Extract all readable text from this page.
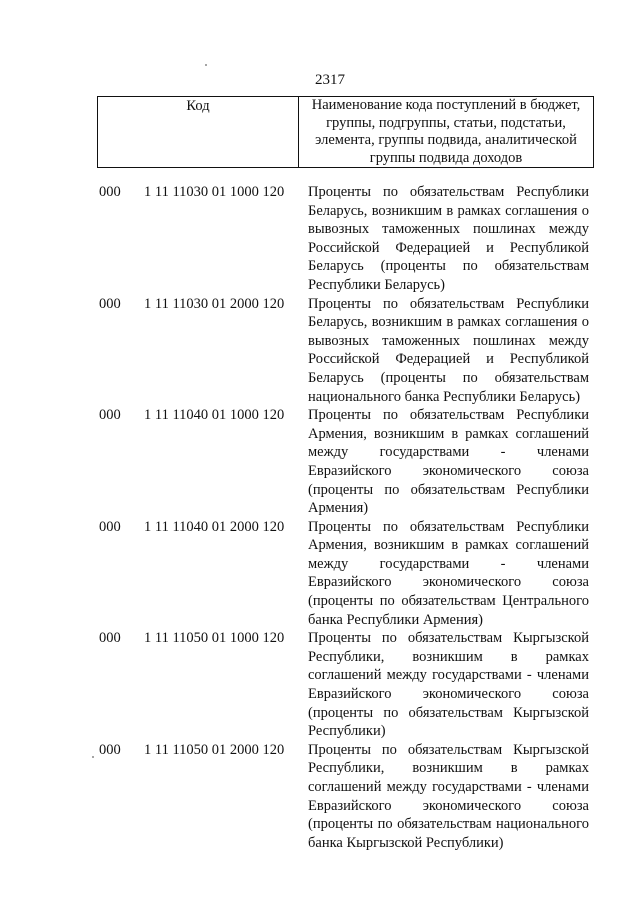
2317
Код	Наименование кода поступлений в бюджет, группы, подгруппы, статьи, подстатьи, элемента, группы подвида, аналитической группы подвида доходов
000	1 11 11030 01 1000 120	Проценты по обязательствам Республики
Беларусь, возникшим в рамках соглашения о
вывозных таможенных пошлинах между
Российской Федерацией и Республикой
Беларусь (проценты по обязательствам
Республики Беларусь)
000	1 11 11030 01 2000 120	Проценты по обязательствам Республики
Беларусь, возникшим в рамках соглашения о
вывозных таможенных пошлинах между
Российской Федерацией и Республикой
Беларусь (проценты по обязательствам
национального банка Республики Беларусь)
000	1 11 11040 01 1000 120	Проценты по обязательствам Республики
Армения, возникшим в рамках соглашений
между государствами - членами
Евразийского экономического союза
(проценты по обязательствам Республики
Армения)
000	1 11 11040 01 2000 120	Проценты по обязательствам Республики
Армения, возникшим в рамках соглашений
между государствами - членами
Евразийского экономического союза
(проценты по обязательствам Центрального
банка Республики Армения)
000	1 11 11050 01 1000 120	Проценты по обязательствам Кыргызской
Республики, возникшим в рамках
соглашений между государствами - членами
Евразийского экономического союза
(проценты по обязательствам Кыргызской
Республики)
000	1 11 11050 01 2000 120	Проценты по обязательствам Кыргызской
Республики, возникшим в рамках
соглашений между государствами - членами
Евразийского экономического союза
(проценты по обязательствам национального
банка Кыргызской Республики)
